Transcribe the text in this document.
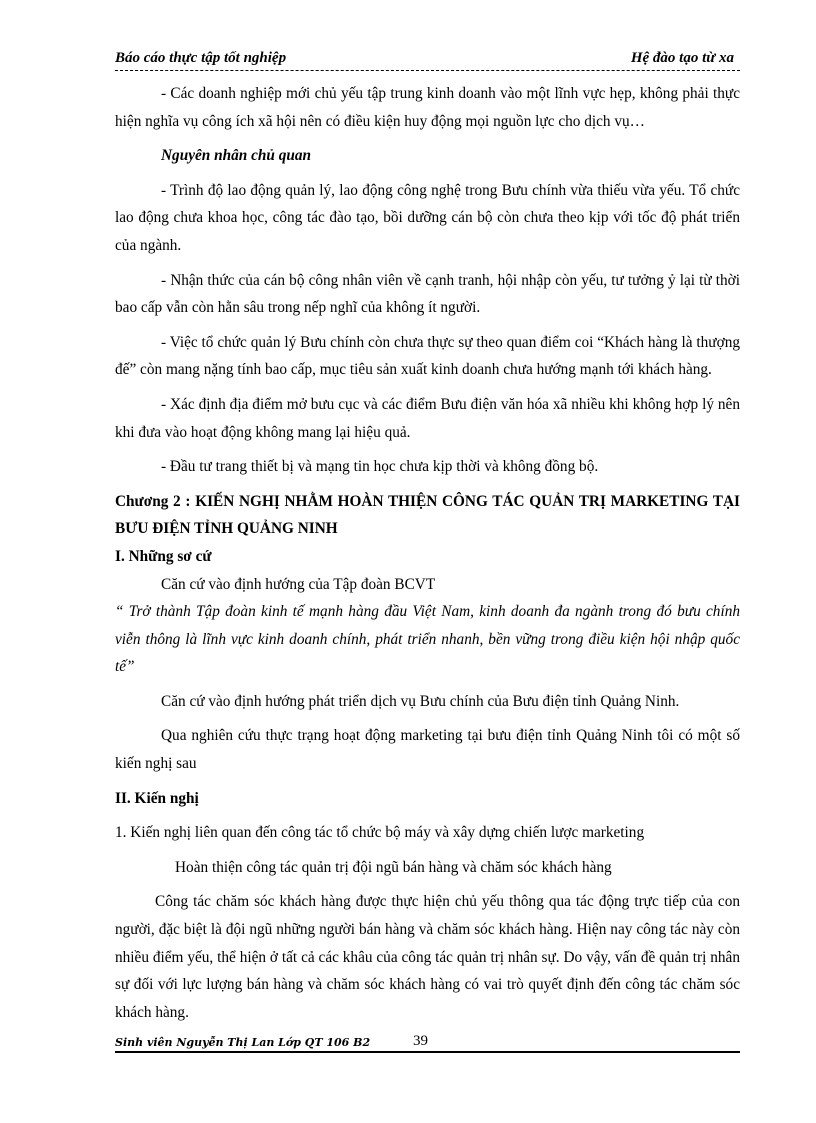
Báo cáo thực tập tốt nghiệp	Hệ đào tạo từ xa

- Các doanh nghiệp mới chủ yếu tập trung kinh doanh vào một lĩnh vực hẹp, không phải thực hiện nghĩa vụ công ích xã hội nên có điều kiện huy động mọi nguồn lực cho dịch vụ…

Nguyên nhân chủ quan

- Trình độ lao động quản lý, lao động công nghệ trong Bưu chính vừa thiếu vừa yếu. Tổ chức lao động chưa khoa học, công tác đào tạo, bồi dưỡng cán bộ còn chưa theo kịp với tốc độ phát triển của ngành.

- Nhận thức của cán bộ công nhân viên về cạnh tranh, hội nhập còn yếu, tư tưởng ỷ lại từ thời bao cấp vẫn còn hằn sâu trong nếp nghĩ của không ít người.

- Việc tổ chức quản lý Bưu chính còn chưa thực sự theo quan điểm coi “Khách hàng là thượng đế” còn mang nặng tính bao cấp, mục tiêu sản xuất kinh doanh chưa hướng mạnh tới khách hàng.

- Xác định địa điểm mở bưu cục và các điểm Bưu điện văn hóa xã nhiều khi không hợp lý nên khi đưa vào hoạt động không mang lại hiệu quả.

- Đầu tư trang thiết bị và mạng tin học chưa kịp thời và không đồng bộ.

Chương 2 : KIẾN NGHỊ NHẰM HOÀN THIỆN CÔNG TÁC QUẢN TRỊ MARKETING TẠI BƯU ĐIỆN TỈNH QUẢNG NINH

I. Những sơ cứ

Căn cứ vào định hướng của Tập đoàn BCVT

“ Trở thành Tập đoàn kinh tế mạnh hàng đầu Việt Nam, kinh doanh đa ngành trong đó bưu chính viễn thông là lĩnh vực kinh doanh chính, phát triển nhanh, bền vững trong điều kiện hội nhập quốc tế”

Căn cứ vào định hướng phát triển dịch vụ Bưu chính của Bưu điện tỉnh Quảng Ninh.

Qua nghiên cứu thực trạng hoạt động marketing tại bưu điện tỉnh Quảng Ninh tôi có một số kiến nghị sau

II. Kiến nghị

1. Kiến nghị liên quan đến công tác tổ chức bộ máy và xây dựng chiến lược marketing

Hoàn thiện công tác quản trị đội ngũ bán hàng và chăm sóc khách hàng

Công tác chăm sóc khách hàng được thực hiện chủ yếu thông qua tác động trực tiếp của con người, đặc biệt là đội ngũ những người bán hàng và chăm sóc khách hàng. Hiện nay công tác này còn nhiều điểm yếu, thể hiện ở tất cả các khâu của công tác quản trị nhân sự. Do vậy, vấn đề quản trị nhân sự đối với lực lượng bán hàng và chăm sóc khách hàng có vai trò quyết định đến công tác chăm sóc khách hàng.

Sinh viên Nguyễn Thị Lan Lớp QT 106 B2	39
